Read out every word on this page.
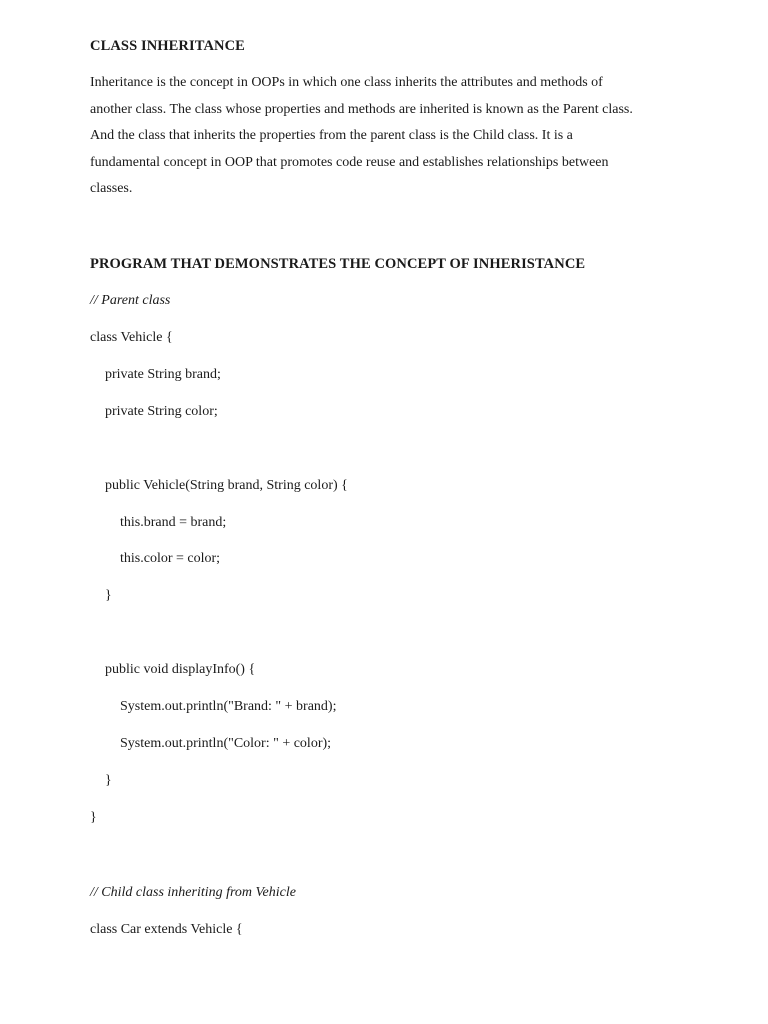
CLASS INHERITANCE
Inheritance is the concept in OOPs in which one class inherits the attributes and methods of
another class. The class whose properties and methods are inherited is known as the Parent class.
And the class that inherits the properties from the parent class is the Child class. It is a
fundamental concept in OOP that promotes code reuse and establishes relationships between
classes.
PROGRAM THAT DEMONSTRATES THE CONCEPT OF INHERISTANCE
// Parent class
class Vehicle {
private String brand;
private String color;
public Vehicle(String brand, String color) {
this.brand = brand;
this.color = color;
}
public void displayInfo() {
System.out.println("Brand: " + brand);
System.out.println("Color: " + color);
}
}
// Child class inheriting from Vehicle
class Car extends Vehicle {
